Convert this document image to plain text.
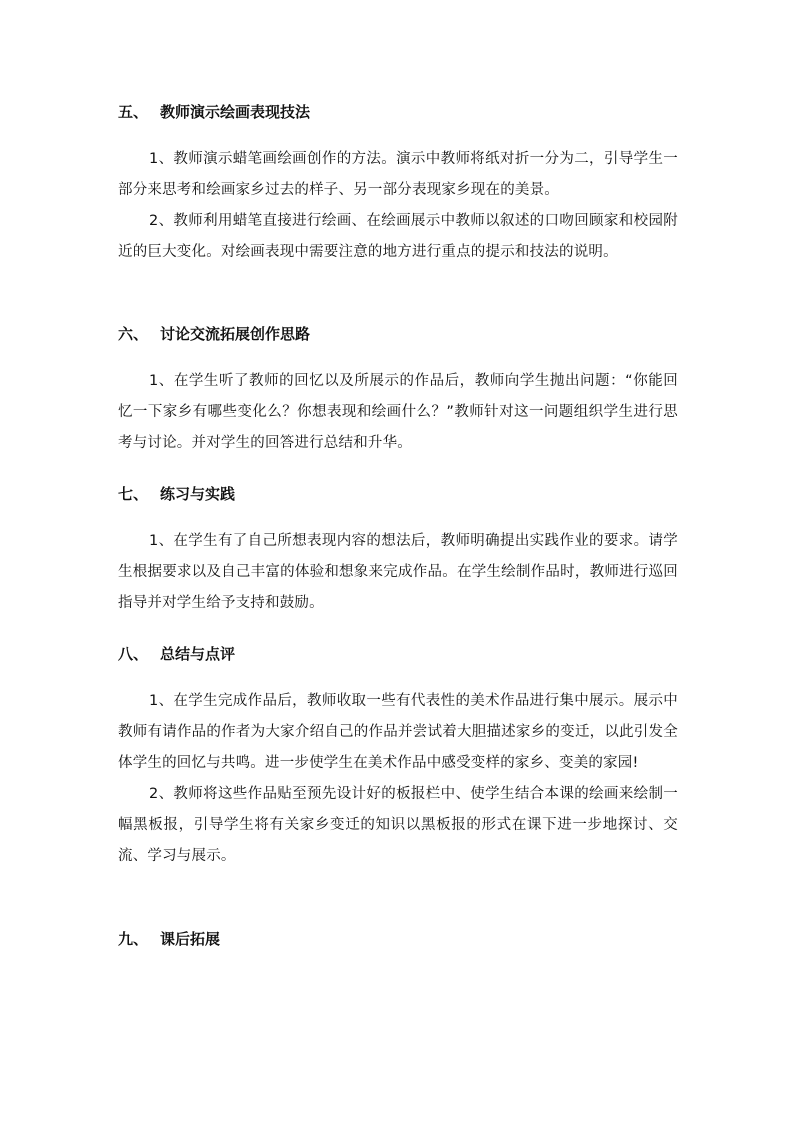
五、 教师演示绘画表现技法

1、教师演示蜡笔画绘画创作的方法。演示中教师将纸对折一分为二，引导学生一部分来思考和绘画家乡过去的样子、另一部分表现家乡现在的美景。

2、教师利用蜡笔直接进行绘画、在绘画展示中教师以叙述的口吻回顾家和校园附近的巨大变化。对绘画表现中需要注意的地方进行重点的提示和技法的说明。

六、 讨论交流拓展创作思路

1、在学生听了教师的回忆以及所展示的作品后，教师向学生抛出问题：“你能回忆一下家乡有哪些变化么？你想表现和绘画什么？”教师针对这一问题组织学生进行思考与讨论。并对学生的回答进行总结和升华。

七、 练习与实践

1、在学生有了自己所想表现内容的想法后，教师明确提出实践作业的要求。请学生根据要求以及自己丰富的体验和想象来完成作品。在学生绘制作品时，教师进行巡回指导并对学生给予支持和鼓励。

八、 总结与点评

1、在学生完成作品后，教师收取一些有代表性的美术作品进行集中展示。展示中教师有请作品的作者为大家介绍自己的作品并尝试着大胆描述家乡的变迁，以此引发全体学生的回忆与共鸣。进一步使学生在美术作品中感受变样的家乡、变美的家园!

2、教师将这些作品贴至预先设计好的板报栏中、使学生结合本课的绘画来绘制一幅黑板报，引导学生将有关家乡变迁的知识以黑板报的形式在课下进一步地探讨、交流、学习与展示。

九、 课后拓展
